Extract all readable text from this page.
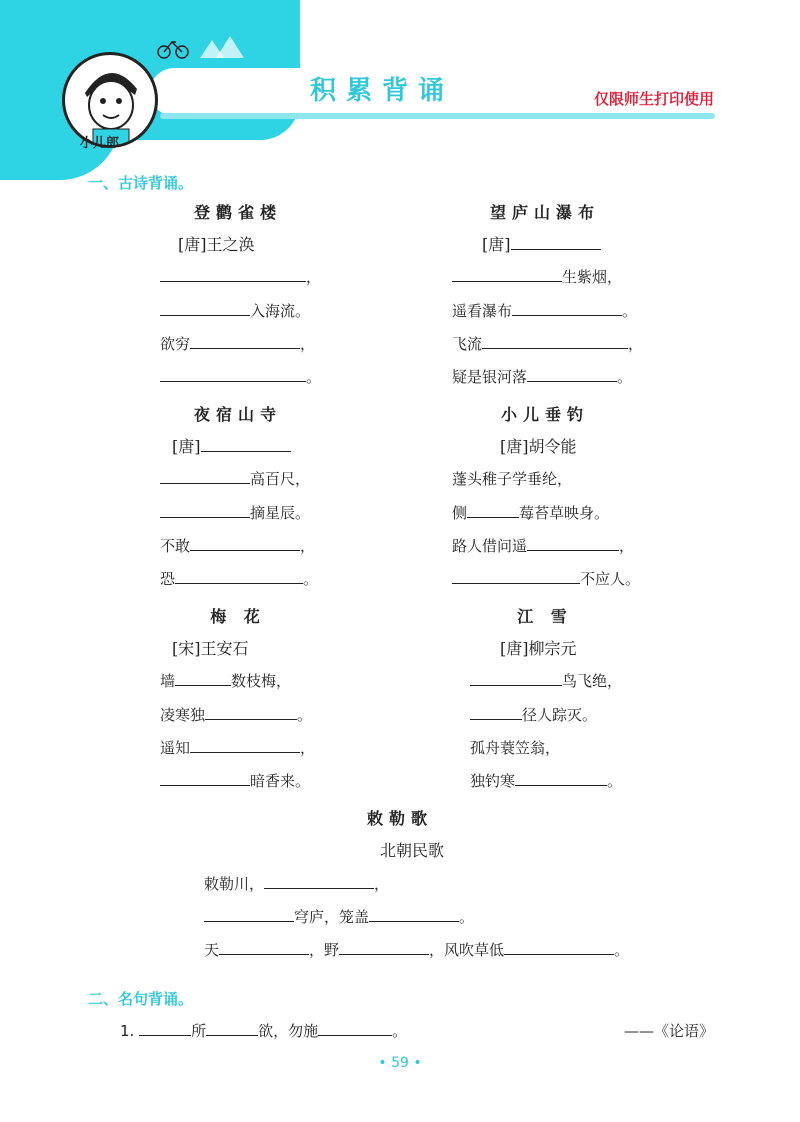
小儿郎
积累背诵	仅限师生打印使用
一、古诗背诵。
登鹳雀楼
[唐]王之涣
，
入海流。
欲穷	，
。
望庐山瀑布
[唐]
生紫烟，
遥看瀑布	。
飞流	，
疑是银河落	。
夜宿山寺
[唐]
高百尺，
摘星辰。
不敢	，
恐	。
小儿垂钓
[唐]胡令能
蓬头稚子学垂纶，
侧	莓苔草映身。
路人借问遥	，
不应人。
梅 花
[宋]王安石
墙	数枝梅，
凌寒独	。
遥知	，
暗香来。
江 雪
[唐]柳宗元
鸟飞绝，
径人踪灭。
孤舟蓑笠翁，
独钓寒	。
敕勒歌
北朝民歌
敕勒川，	，
穹庐，笼盖	。
天	，野	，风吹草低	。
二、名句背诵。
1.	所	欲，勿施	。	——《论语》
• 59 •
